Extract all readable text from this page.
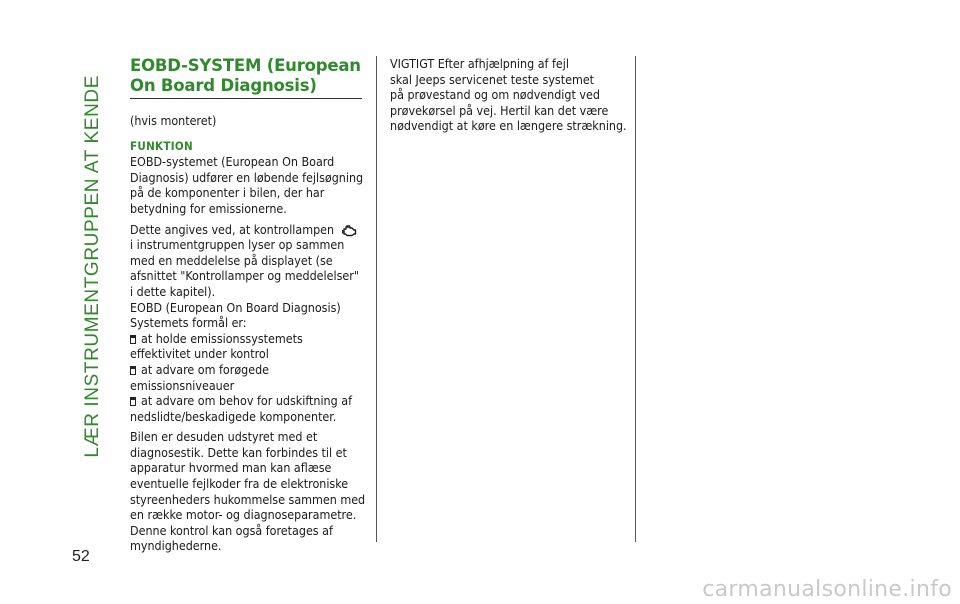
LÆR INSTRUMENTGRUPPEN AT KENDE
52
EOBD-SYSTEM (European
On Board Diagnosis)

(hvis monteret)

FUNKTION

EOBD-systemet (European On Board
Diagnosis) udfører en løbende fejlsøgning
på de komponenter i bilen, der har
betydning for emissionerne.

Dette angives ved, at kontrollampen
i instrumentgruppen lyser op sammen
med en meddelelse på displayet (se
afsnittet "Kontrollamper og meddelelser"
i dette kapitel).

EOBD (European On Board Diagnosis)
Systemets formål er:

at holde emissionssystemets
effektivitet under kontrol

at advare om forøgede
emissionsniveauer

at advare om behov for udskiftning af
nedslidte/beskadigede komponenter.

Bilen er desuden udstyret med et
diagnosestik. Dette kan forbindes til et
apparatur hvormed man kan aflæse
eventuelle fejlkoder fra de elektroniske
styreenheders hukommelse sammen med
en række motor- og diagnoseparametre.
Denne kontrol kan også foretages af
myndighederne.

VIGTIGT Efter afhjælpning af fejl
skal Jeeps servicenet teste systemet
på prøvestand og om nødvendigt ved
prøvekørsel på vej. Hertil kan det være
nødvendigt at køre en længere strækning.

carmanualsonline.info
